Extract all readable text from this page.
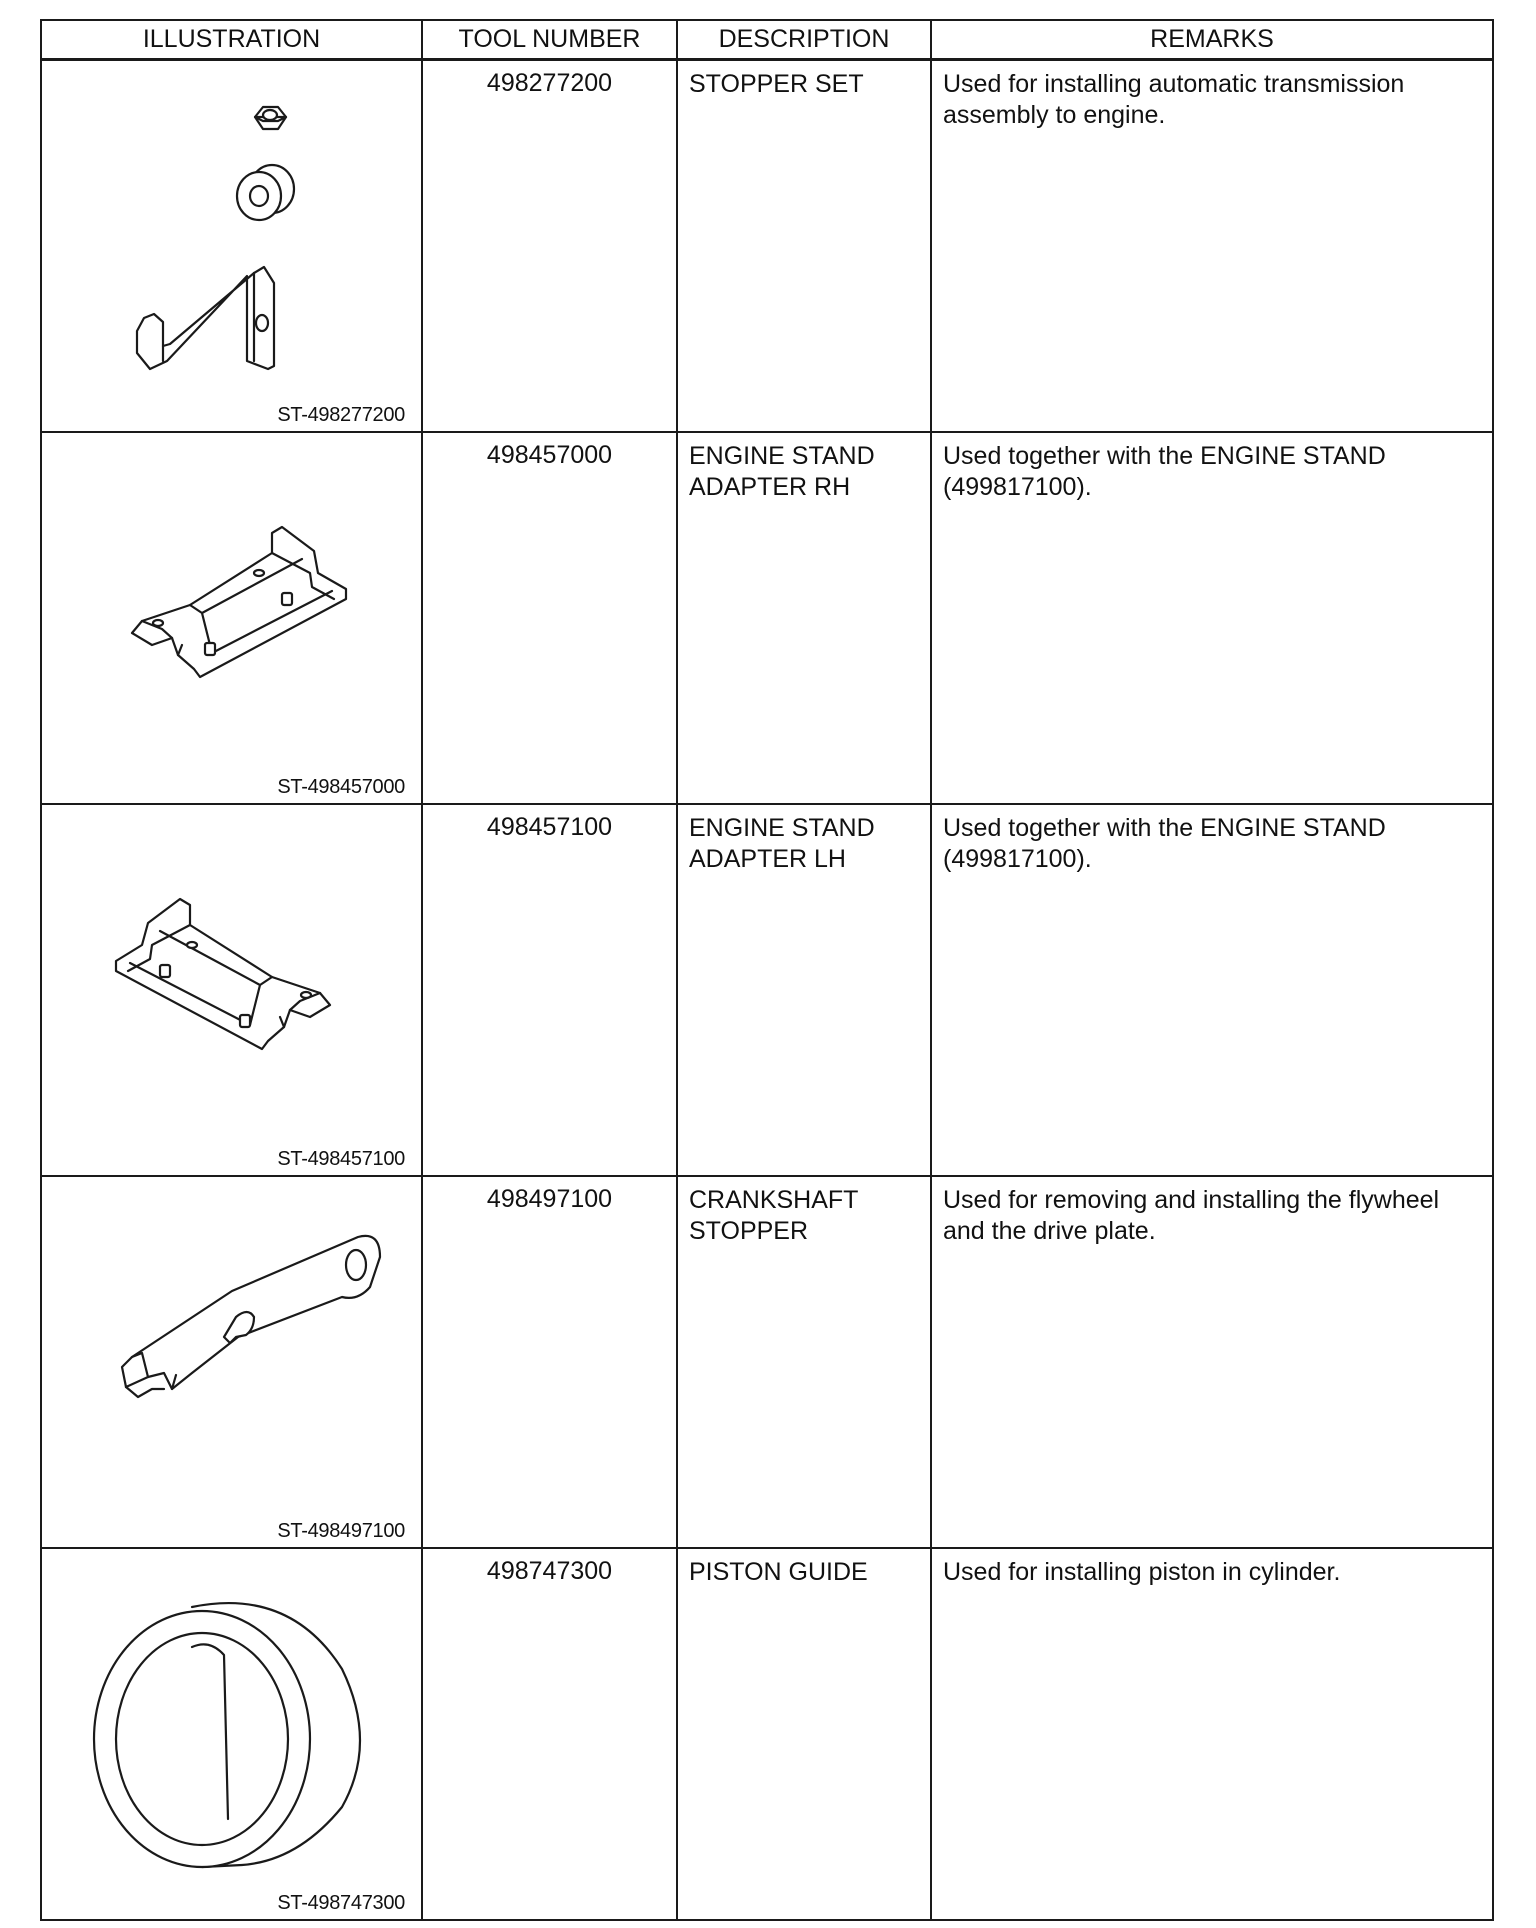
ILLUSTRATION	TOOL NUMBER	DESCRIPTION	REMARKS

ST-498277200	498277200	STOPPER SET	Used for installing automatic transmission assembly to engine.

ST-498457000	498457000	ENGINE STAND
ADAPTER RH	Used together with the ENGINE STAND (499817100).

ST-498457100	498457100	ENGINE STAND
ADAPTER LH	Used together with the ENGINE STAND (499817100).

ST-498497100	498497100	CRANKSHAFT
STOPPER	Used for removing and installing the flywheel and the drive plate.

ST-498747300	498747300	PISTON GUIDE	Used for installing piston in cylinder.
